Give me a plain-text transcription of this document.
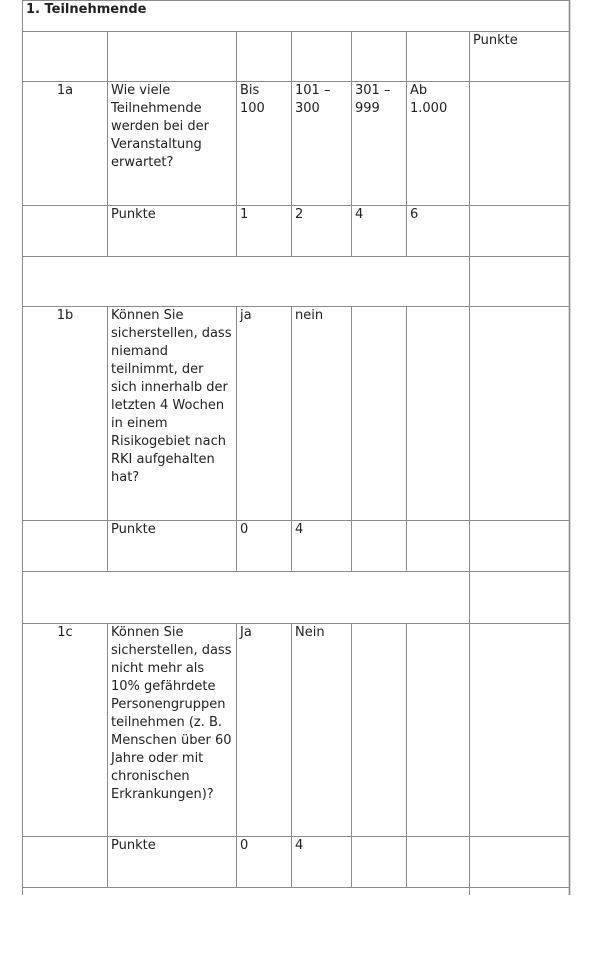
1. Teilnehmende						
						Punkte
1a	Wie viele Teilnehmende werden bei der Veranstaltung erwartet?	Bis 100	101 – 300	301 – 999	Ab 1.000	
	Punkte	1	2	4	6	

1b	Können Sie sicherstellen, dass niemand teilnimmt, der sich innerhalb der letzten 4 Wochen in einem Risikogebiet nach RKI aufgehalten hat?	ja	nein			
	Punkte	0	4			

1c	Können Sie sicherstellen, dass nicht mehr als 10% gefährdete Personengruppen teilnehmen (z. B. Menschen über 60 Jahre oder mit chronischen Erkrankungen)?	Ja	Nein			
	Punkte	0	4			
